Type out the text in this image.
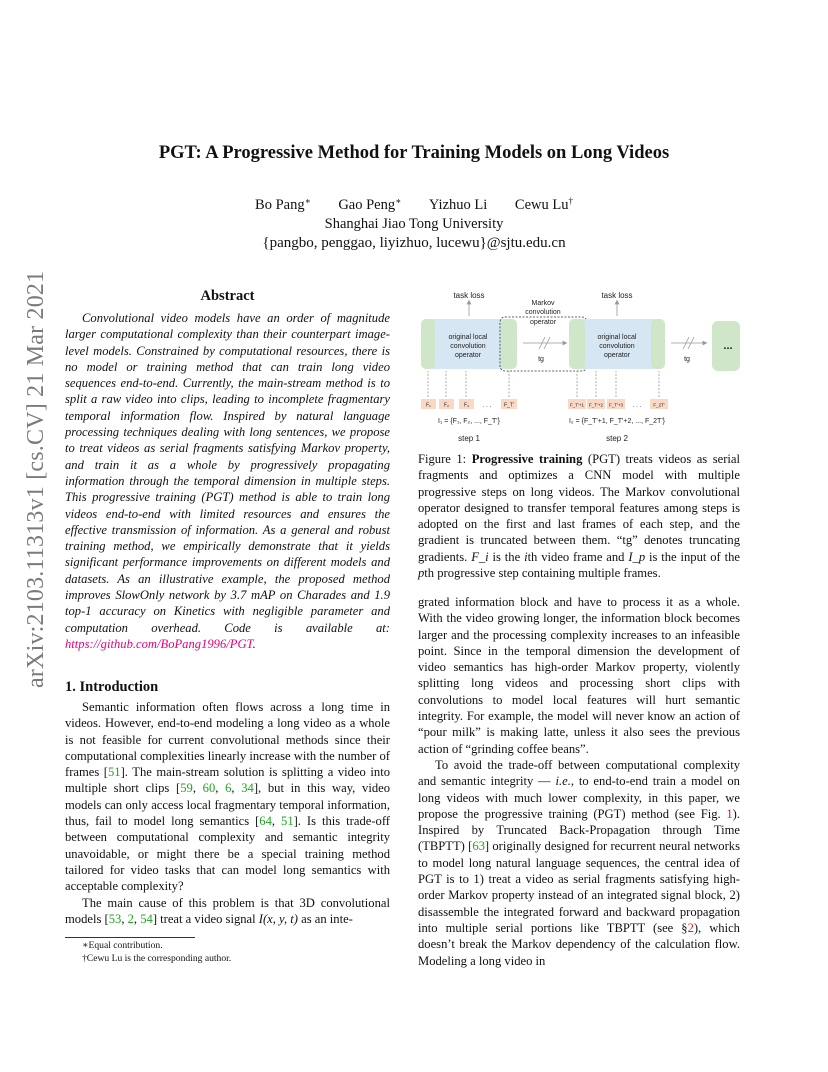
arXiv:2103.11313v1 [cs.CV] 21 Mar 2021
PGT: A Progressive Method for Training Models on Long Videos
Bo Pang∗ Gao Peng∗ Yizhuo Li Cewu Lu†
Shanghai Jiao Tong University
{pangbo, penggao, liyizhuo, lucewu}@sjtu.edu.cn
Abstract
Convolutional video models have an order of magnitude larger computational complexity than their counterpart image-level models. Constrained by computational resources, there is no model or training method that can train long video sequences end-to-end. Currently, the main-stream method is to split a raw video into clips, leading to incomplete fragmentary temporal information flow. Inspired by natural language processing techniques dealing with long sentences, we propose to treat videos as serial fragments satisfying Markov property, and train it as a whole by progressively propagating information through the temporal dimension in multiple steps. This progressive training (PGT) method is able to train long videos end-to-end with limited resources and ensures the effective transmission of information. As a general and robust training method, we empirically demonstrate that it yields significant performance improvements on different models and datasets. As an illustrative example, the proposed method improves SlowOnly network by 3.7 mAP on Charades and 1.9 top-1 accuracy on Kinetics with negligible parameter and computation overhead. Code is available at: https://github.com/BoPang1996/PGT.
1. Introduction

Semantic information often flows across a long time in videos. However, end-to-end modeling a long video as a whole is not feasible for current convolutional methods since their computational complexities linearly increase with the number of frames [51]. The main-stream solution is splitting a video into multiple short clips [59, 60, 6, 34], but in this way, video models can only access local fragmentary temporal information, thus, fail to model long semantics [64, 51]. Is this trade-off between computational complexity and semantic integrity unavoidable, or might there be a special training method tailored for video tasks that can model long semantics with acceptable complexity?

The main cause of this problem is that 3D convolutional models [53, 2, 54] treat a video signal I(x, y, t) as an inte-

∗Equal contribution.
†Cewu Lu is the corresponding author.
task loss	task loss
original local
convolution
operator
Markov
convolution
operator
tg
original local
convolution
operator
tg
...
F₁	F₂	F₃ . . .	F_T'	F_T'+1 F_T'+2 F_T'+3 . . .	F_2T'
I₁ = {F₁, F₂, ..., F_T'}	I₂ = {F_T'+1, F_T'+2, ..., F_2T'}
step 1	step 2
Figure 1: Progressive training (PGT) treats videos as serial fragments and optimizes a CNN model with multiple progressive steps on long videos. The Markov convolutional operator designed to transfer temporal features among steps is adopted on the first and last frames of each step, and the gradient is truncated between them. “tg” denotes truncating gradients. F_i is the ith video frame and I_p is the input of the pth progressive step containing multiple frames.

grated information block and have to process it as a whole. With the video growing longer, the information block becomes larger and the processing complexity increases to an infeasible point. Since in the temporal dimension the development of video semantics has high-order Markov property, violently splitting long videos and processing short clips with convolutions to model local features will hurt semantic integrity. For example, the model will never know an action of “pour milk” is making latte, unless it also sees the previous action of “grinding coffee beans”.

To avoid the trade-off between computational complexity and semantic integrity — i.e., to end-to-end train a model on long videos with much lower complexity, in this paper, we propose the progressive training (PGT) method (see Fig. 1). Inspired by Truncated Back-Propagation through Time (TBPTT) [63] originally designed for recurrent neural networks to model long natural language sequences, the central idea of PGT is to 1) treat a video as serial fragments satisfying high-order Markov property instead of an integrated signal block, 2) disassemble the integrated forward and backward propagation into multiple serial portions like TBPTT (see §2), which doesn’t break the Markov dependency of the calculation flow. Modeling a long video in
